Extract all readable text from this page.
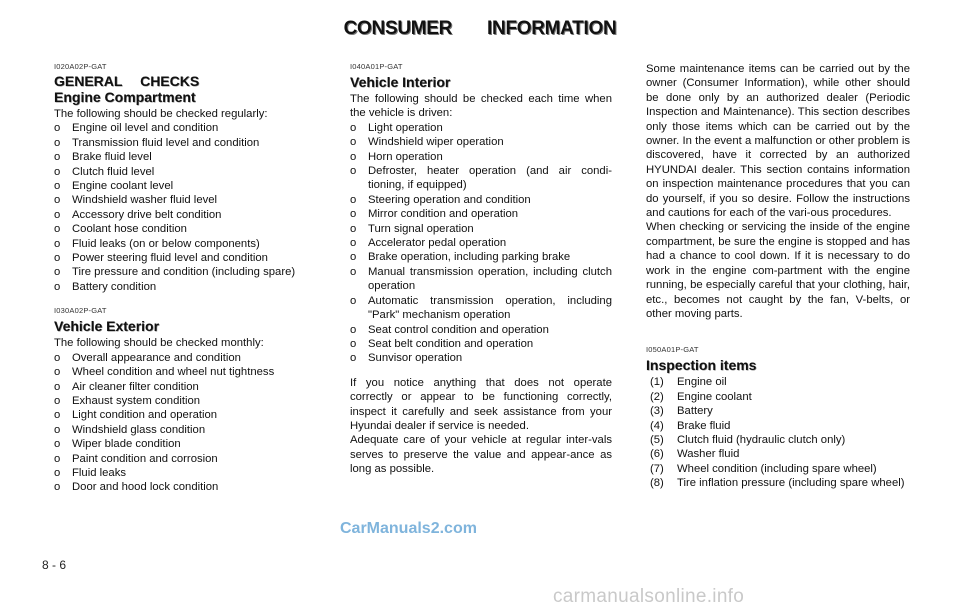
CONSUMER INFORMATION
I020A02P-GAT
GENERAL CHECKS
Engine Compartment
The following should be checked regularly:
o Engine oil level and condition
o Transmission fluid level and condition
o Brake fluid level
o Clutch fluid level
o Engine coolant level
o Windshield washer fluid level
o Accessory drive belt condition
o Coolant hose condition
o Fluid leaks (on or below components)
o Power steering fluid level and condition
o Tire pressure and condition (including spare)
o Battery condition
I030A02P-GAT
Vehicle Exterior
The following should be checked monthly:
o Overall appearance and condition
o Wheel condition and wheel nut tightness
o Air cleaner filter condition
o Exhaust system condition
o Light condition and operation
o Windshield glass condition
o Wiper blade condition
o Paint condition and corrosion
o Fluid leaks
o Door and hood lock condition
I040A01P-GAT
Vehicle Interior
The following should be checked each time when the vehicle is driven:
o Light operation
o Windshield wiper operation
o Horn operation
o Defroster, heater operation (and air condi-tioning, if equipped)
o Steering operation and condition
o Mirror condition and operation
o Turn signal operation
o Accelerator pedal operation
o Brake operation, including parking brake
o Manual transmission operation, including clutch operation
o Automatic transmission operation, including "Park" mechanism operation
o Seat control condition and operation
o Seat belt condition and operation
o Sunvisor operation
If you notice anything that does not operate correctly or appear to be functioning correctly, inspect it carefully and seek assistance from your Hyundai dealer if service is needed.
Adequate care of your vehicle at regular inter-vals serves to preserve the value and appear-ance as long as possible.
Some maintenance items can be carried out by the owner (Consumer Information), while other should be done only by an authorized dealer (Periodic Inspection and Maintenance). This section describes only those items which can be carried out by the owner. In the event a malfunction or other problem is discovered, have it corrected by an authorized HYUNDAI dealer. This section contains information on inspection maintenance procedures that you can do yourself, if you so desire. Follow the instructions and cautions for each of the vari-ous procedures.
When checking or servicing the inside of the engine compartment, be sure the engine is stopped and has had a chance to cool down. If it is necessary to do work in the engine com-partment with the engine running, be especially careful that your clothing, hair, etc., becomes not caught by the fan, V-belts, or other moving parts.
I050A01P-GAT
Inspection items
(1) Engine oil
(2) Engine coolant
(3) Battery
(4) Brake fluid
(5) Clutch fluid (hydraulic clutch only)
(6) Washer fluid
(7) Wheel condition (including spare wheel)
(8) Tire inflation pressure (including spare wheel)
8 - 6
CarManuals2.com
carmanualsonline.info
